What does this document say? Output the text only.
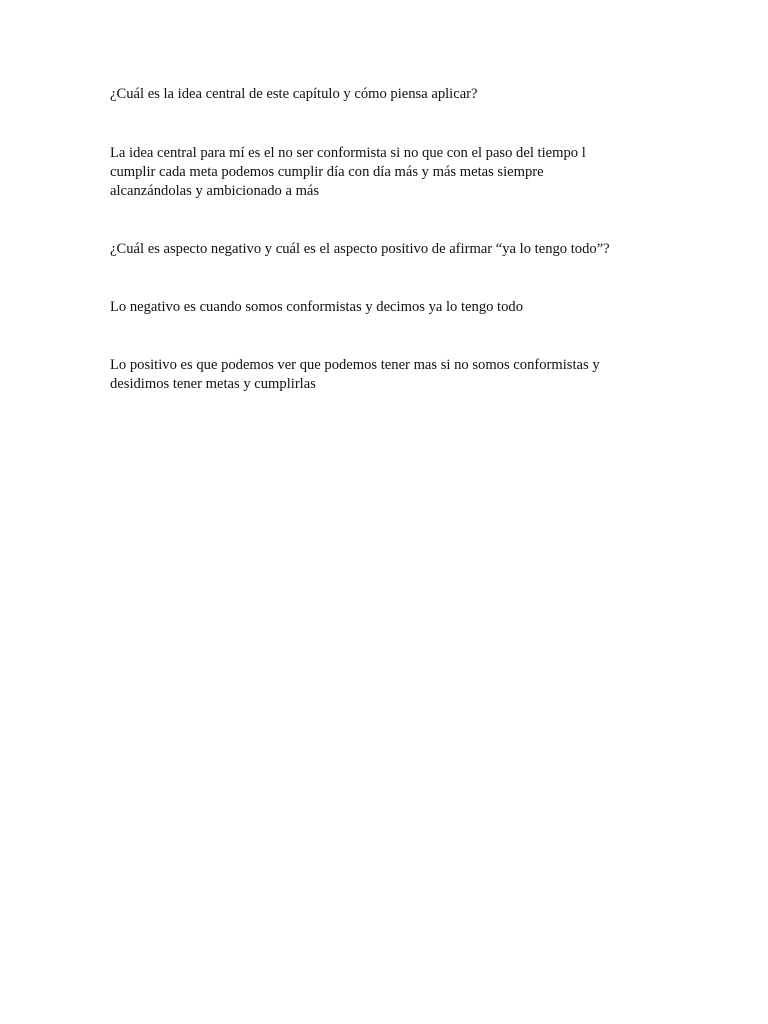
¿Cuál es la idea central de este capítulo y cómo piensa aplicar?

La idea central para mí es el no ser conformista si no que con el paso del tiempo l

cumplir cada meta podemos cumplir día con día más y más metas siempre

alcanzándolas y ambicionado a más

¿Cuál es aspecto negativo y cuál es el aspecto positivo de afirmar “ya lo tengo todo”?

Lo negativo es cuando somos conformistas y decimos ya lo tengo todo

Lo positivo es que podemos ver que podemos tener mas si no somos conformistas y

desidimos tener metas y cumplirlas
